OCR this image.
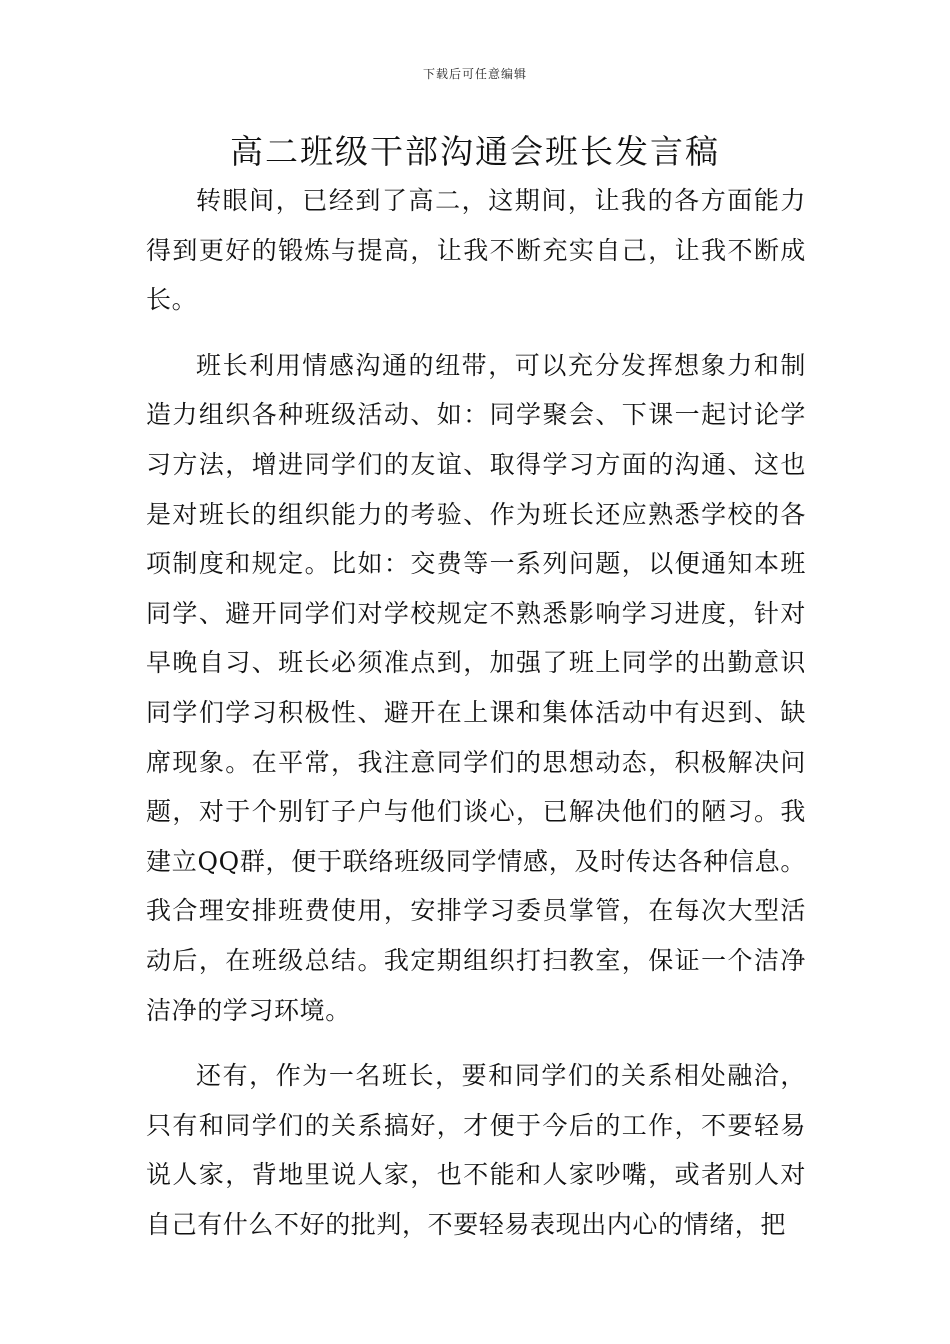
下载后可任意编辑
高二班级干部沟通会班长发言稿

转眼间，已经到了高二，这期间，让我的各方面能力得到更好的锻炼与提高，让我不断充实自己，让我不断成长。

班长利用情感沟通的纽带，可以充分发挥想象力和制造力组织各种班级活动、如：同学聚会、下课一起讨论学习方法，增进同学们的友谊、取得学习方面的沟通、这也是对班长的组织能力的考验、作为班长还应熟悉学校的各项制度和规定。比如：交费等一系列问题，以便通知本班同学、避开同学们对学校规定不熟悉影响学习进度，针对早晚自习、班长必须准点到，加强了班上同学的出勤意识同学们学习积极性、避开在上课和集体活动中有迟到、缺席现象。在平常，我注意同学们的思想动态，积极解决问题，对于个别钉子户与他们谈心，已解决他们的陋习。我建立QQ群，便于联络班级同学情感，及时传达各种信息。我合理安排班费使用，安排学习委员掌管，在每次大型活动后，在班级总结。我定期组织打扫教室，保证一个洁净洁净的学习环境。

还有，作为一名班长，要和同学们的关系相处融洽，只有和同学们的关系搞好，才便于今后的工作，不要轻易说人家，背地里说人家，也不能和人家吵嘴，或者别人对自己有什么不好的批判，不要轻易表现出内心的情绪，把
